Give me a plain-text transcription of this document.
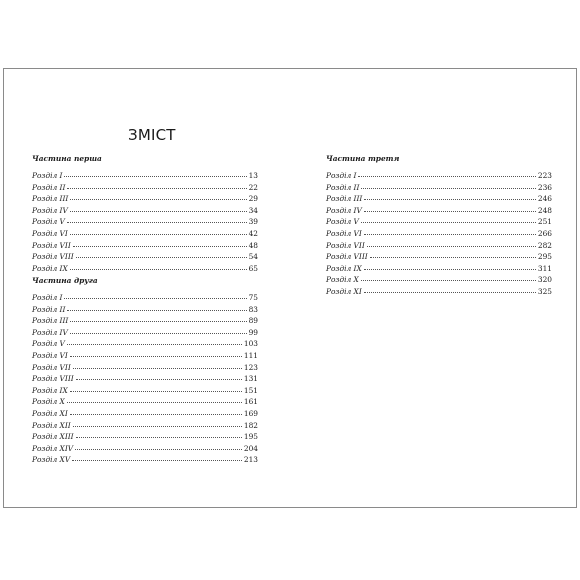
ЗМІСТ
Частина перша
Розділ I	13
Розділ II	22
Розділ III	29
Розділ IV	34
Розділ V	39
Розділ VI	42
Розділ VII	48
Розділ VIII	54
Розділ IX	65
Частина друга
Розділ I	75
Розділ II	83
Розділ III	89
Розділ IV	99
Розділ V	103
Розділ VI	111
Розділ VII	123
Розділ VIII	131
Розділ IX	151
Розділ X	161
Розділ XI	169
Розділ XII	182
Розділ XIII	195
Розділ XIV	204
Розділ XV	213
Частина третя
Розділ I	223
Розділ II	236
Розділ III	246
Розділ IV	248
Розділ V	251
Розділ VI	266
Розділ VII	282
Розділ VIII	295
Розділ IX	311
Розділ X	320
Розділ XI	325
